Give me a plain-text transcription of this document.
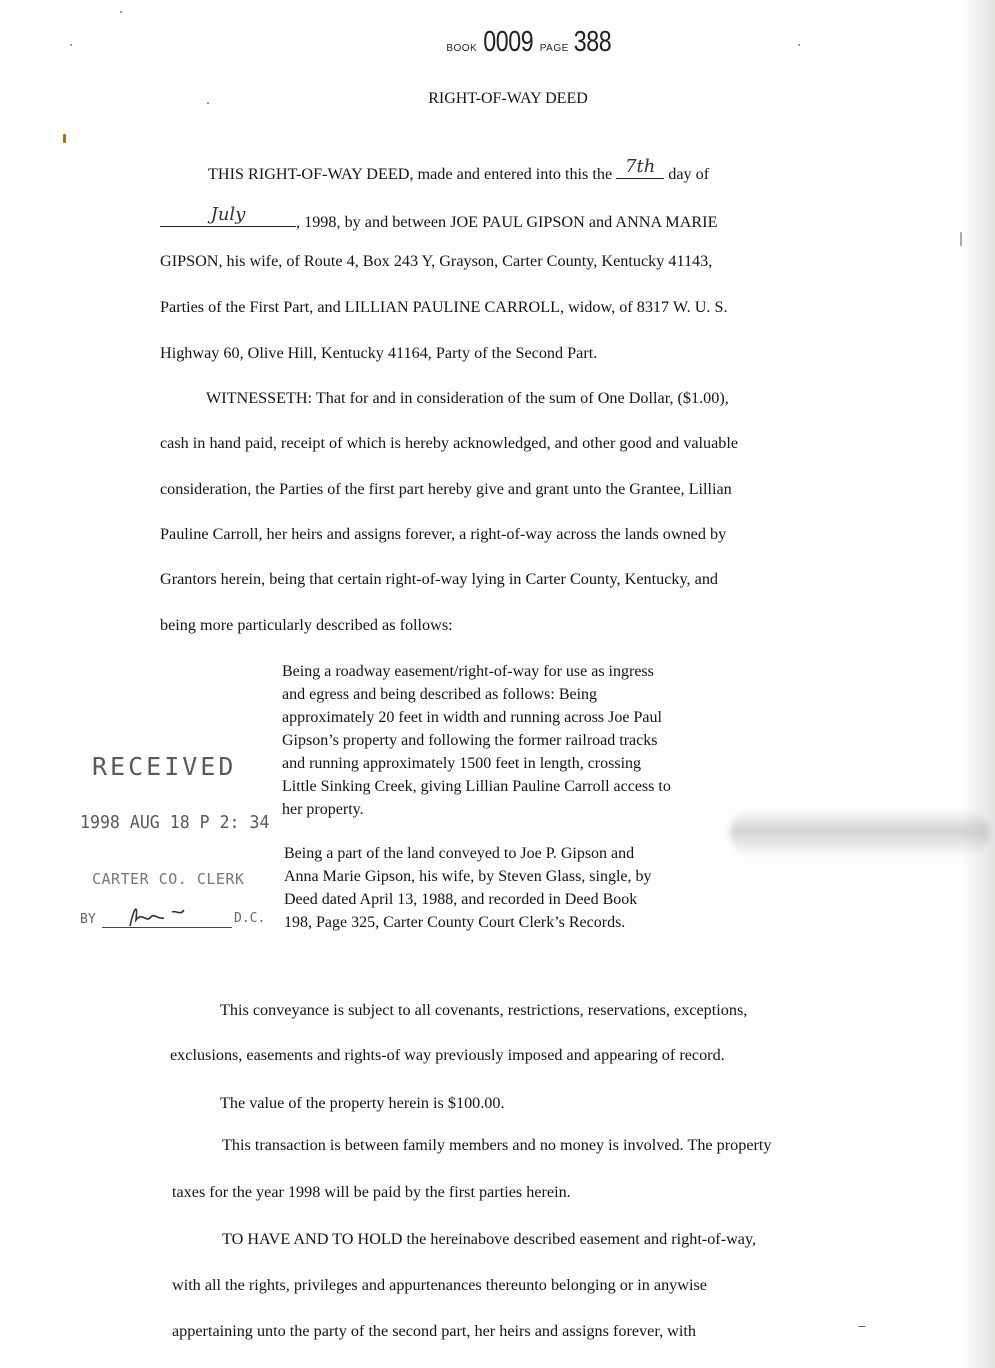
BOOK 0009 PAGE 388
RIGHT-OF-WAY DEED
THIS RIGHT-OF-WAY DEED, made and entered into this the 7th day of
July	, 1998, by and between JOE PAUL GIPSON and ANNA MARIE
GIPSON, his wife, of Route 4, Box 243 Y, Grayson, Carter County, Kentucky 41143,
Parties of the First Part, and LILLIAN PAULINE CARROLL, widow, of 8317 W. U. S.
Highway 60, Olive Hill, Kentucky 41164, Party of the Second Part.
WITNESSETH: That for and in consideration of the sum of One Dollar, ($1.00),
cash in hand paid, receipt of which is hereby acknowledged, and other good and valuable
consideration, the Parties of the first part hereby give and grant unto the Grantee, Lillian
Pauline Carroll, her heirs and assigns forever, a right-of-way across the lands owned by
Grantors herein, being that certain right-of-way lying in Carter County, Kentucky, and
being more particularly described as follows:
Being a roadway easement/right-of-way for use as ingress
and egress and being described as follows: Being
approximately 20 feet in width and running across Joe Paul
Gipson’s property and following the former railroad tracks
and running approximately 1500 feet in length, crossing
Little Sinking Creek, giving Lillian Pauline Carroll access to
her property.
Being a part of the land conveyed to Joe P. Gipson and
Anna Marie Gipson, his wife, by Steven Glass, single, by
Deed dated April 13, 1988, and recorded in Deed Book
198, Page 325, Carter County Court Clerk’s Records.
RECEIVED
1998 AUG 18 P 2: 34
CARTER CO. CLERK
BY	D.C.
This conveyance is subject to all covenants, restrictions, reservations, exceptions,
exclusions, easements and rights-of way previously imposed and appearing of record.
The value of the property herein is $100.00.
This transaction is between family members and no money is involved. The property
taxes for the year 1998 will be paid by the first parties herein.
TO HAVE AND TO HOLD the hereinabove described easement and right-of-way,
with all the rights, privileges and appurtenances thereunto belonging or in anywise
appertaining unto the party of the second part, her heirs and assigns forever, with
